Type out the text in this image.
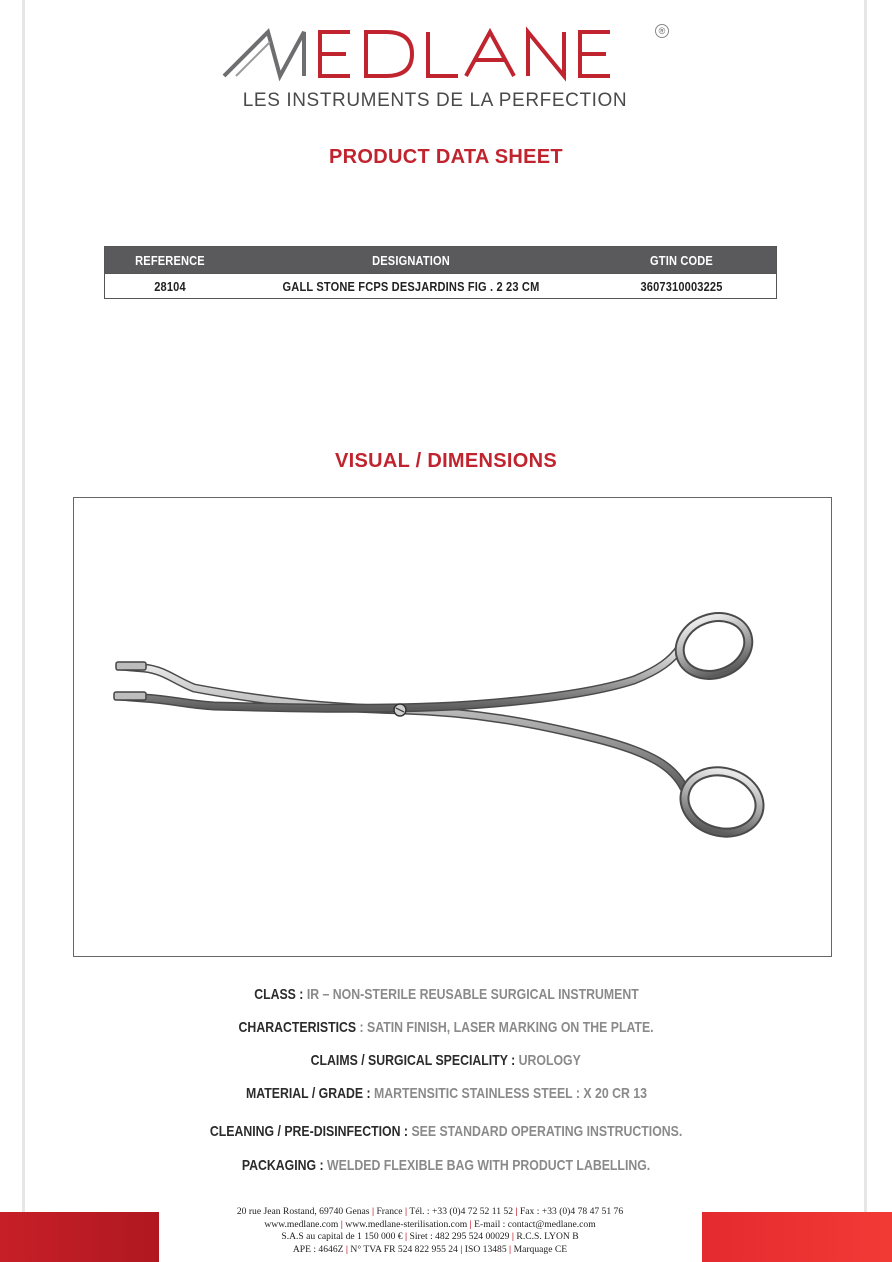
®
LES INSTRUMENTS DE LA PERFECTION
PRODUCT DATA SHEET
REFERENCE	DESIGNATION	GTIN CODE
28104	GALL STONE FCPS DESJARDINS FIG . 2 23 CM	3607310003225
VISUAL / DIMENSIONS
CLASS : IR – NON-STERILE REUSABLE SURGICAL INSTRUMENT
CHARACTERISTICS : SATIN FINISH, LASER MARKING ON THE PLATE.
CLAIMS / SURGICAL SPECIALITY : UROLOGY
MATERIAL / GRADE : MARTENSITIC STAINLESS STEEL : X 20 CR 13
CLEANING / PRE-DISINFECTION : SEE STANDARD OPERATING INSTRUCTIONS.
PACKAGING : WELDED FLEXIBLE BAG WITH PRODUCT LABELLING.
20 rue Jean Rostand, 69740 Genas | France | Tél. : +33 (0)4 72 52 11 52 | Fax : +33 (0)4 78 47 51 76
www.medlane.com | www.medlane-sterilisation.com | E-mail : contact@medlane.com
S.A.S au capital de 1 150 000 € | Siret : 482 295 524 00029 | R.C.S. LYON B
APE : 4646Z | N° TVA FR 524 822 955 24 | ISO 13485 | Marquage CE
